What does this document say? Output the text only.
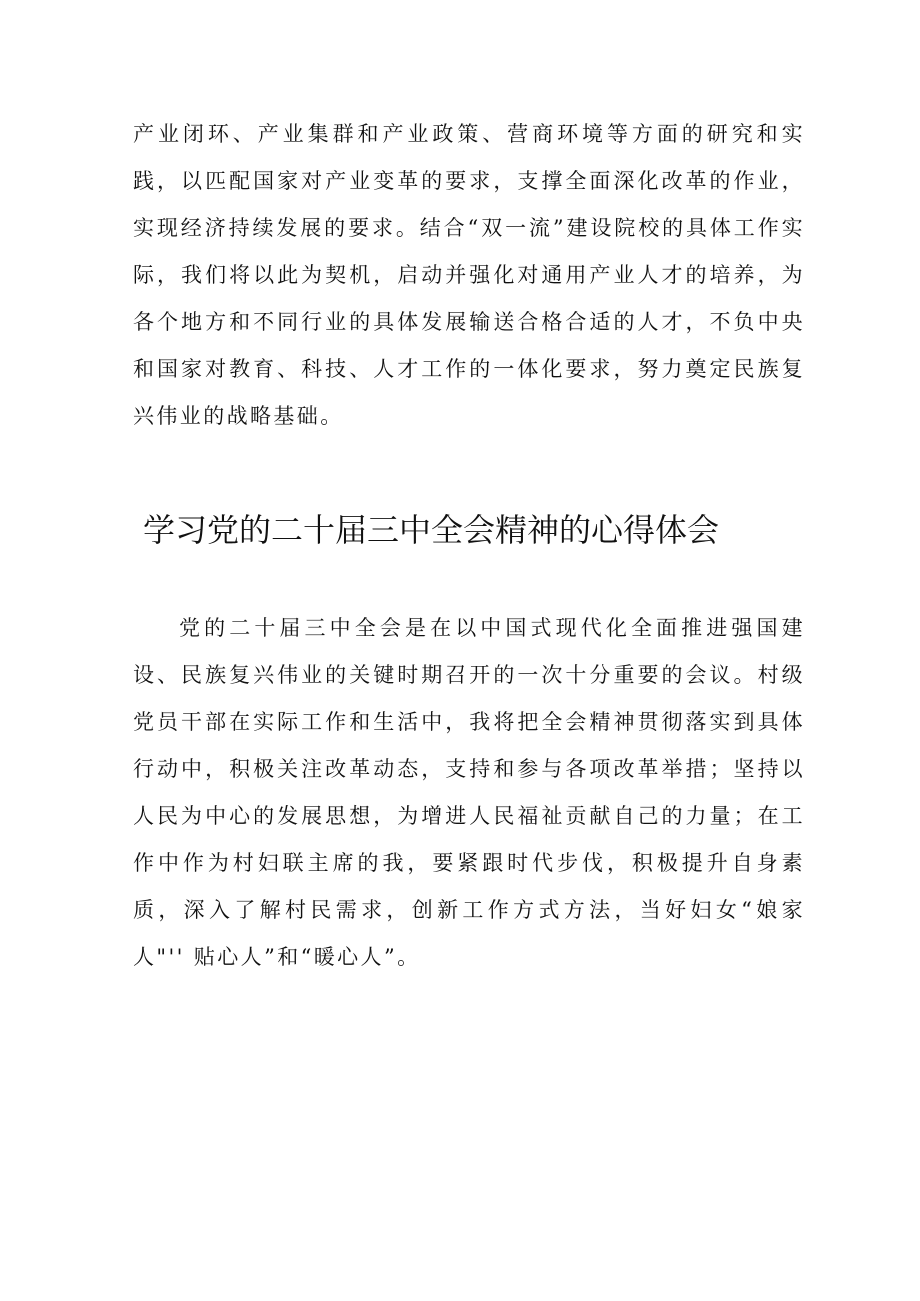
产业闭环、产业集群和产业政策、营商环境等方面的研究和实践，以匹配国家对产业变革的要求，支撑全面深化改革的作业，实现经济持续发展的要求。结合“双一流”建设院校的具体工作实际，我们将以此为契机，启动并强化对通用产业人才的培养，为各个地方和不同行业的具体发展输送合格合适的人才，不负中央和国家对教育、科技、人才工作的一体化要求，努力奠定民族复兴伟业的战略基础。

学习党的二十届三中全会精神的心得体会

党的二十届三中全会是在以中国式现代化全面推进强国建设、民族复兴伟业的关键时期召开的一次十分重要的会议。村级党员干部在实际工作和生活中，我将把全会精神贯彻落实到具体行动中，积极关注改革动态，支持和参与各项改革举措；坚持以人民为中心的发展思想，为增进人民福祉贡献自己的力量；在工作中作为村妇联主席的我，要紧跟时代步伐，积极提升自身素质，深入了解村民需求，创新工作方式方法，当好妇女“娘家人"'' 贴心人”和“暖心人”。
